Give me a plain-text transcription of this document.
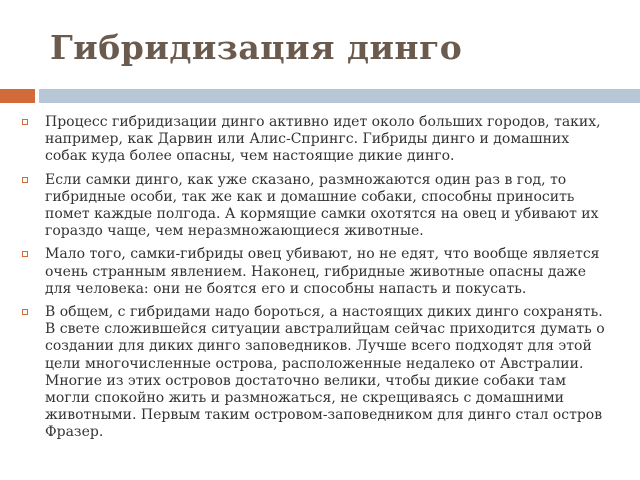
Гибридизация динго
Процесс гибридизации динго активно идет около больших городов, таких, например, как Дарвин или Алис-Спрингс. Гибриды динго и домашних собак куда более опасны, чем настоящие дикие динго.
Если самки динго, как уже сказано, размножаются один раз в год, то гибридные особи, так же как и домашние собаки, способны приносить помет каждые полгода. А кормящие самки охотятся на овец и убивают их гораздо чаще, чем неразмножающиеся животные.
Мало того, самки-гибриды овец убивают, но не едят, что вообще является очень странным явлением. Наконец, гибридные животные опасны даже для человека: они не боятся его и способны напасть и покусать.
В общем, с гибридами надо бороться, а настоящих диких динго сохранять. В свете сложившейся ситуации австралийцам сейчас приходится думать о создании для диких динго заповедников. Лучше всего подходят для этой цели многочисленные острова, расположенные недалеко от Австралии. Многие из этих островов достаточно велики, чтобы дикие собаки там могли спокойно жить и размножаться, не скрещиваясь с домашними животными. Первым таким островом-заповедником для динго стал остров Фразер.
